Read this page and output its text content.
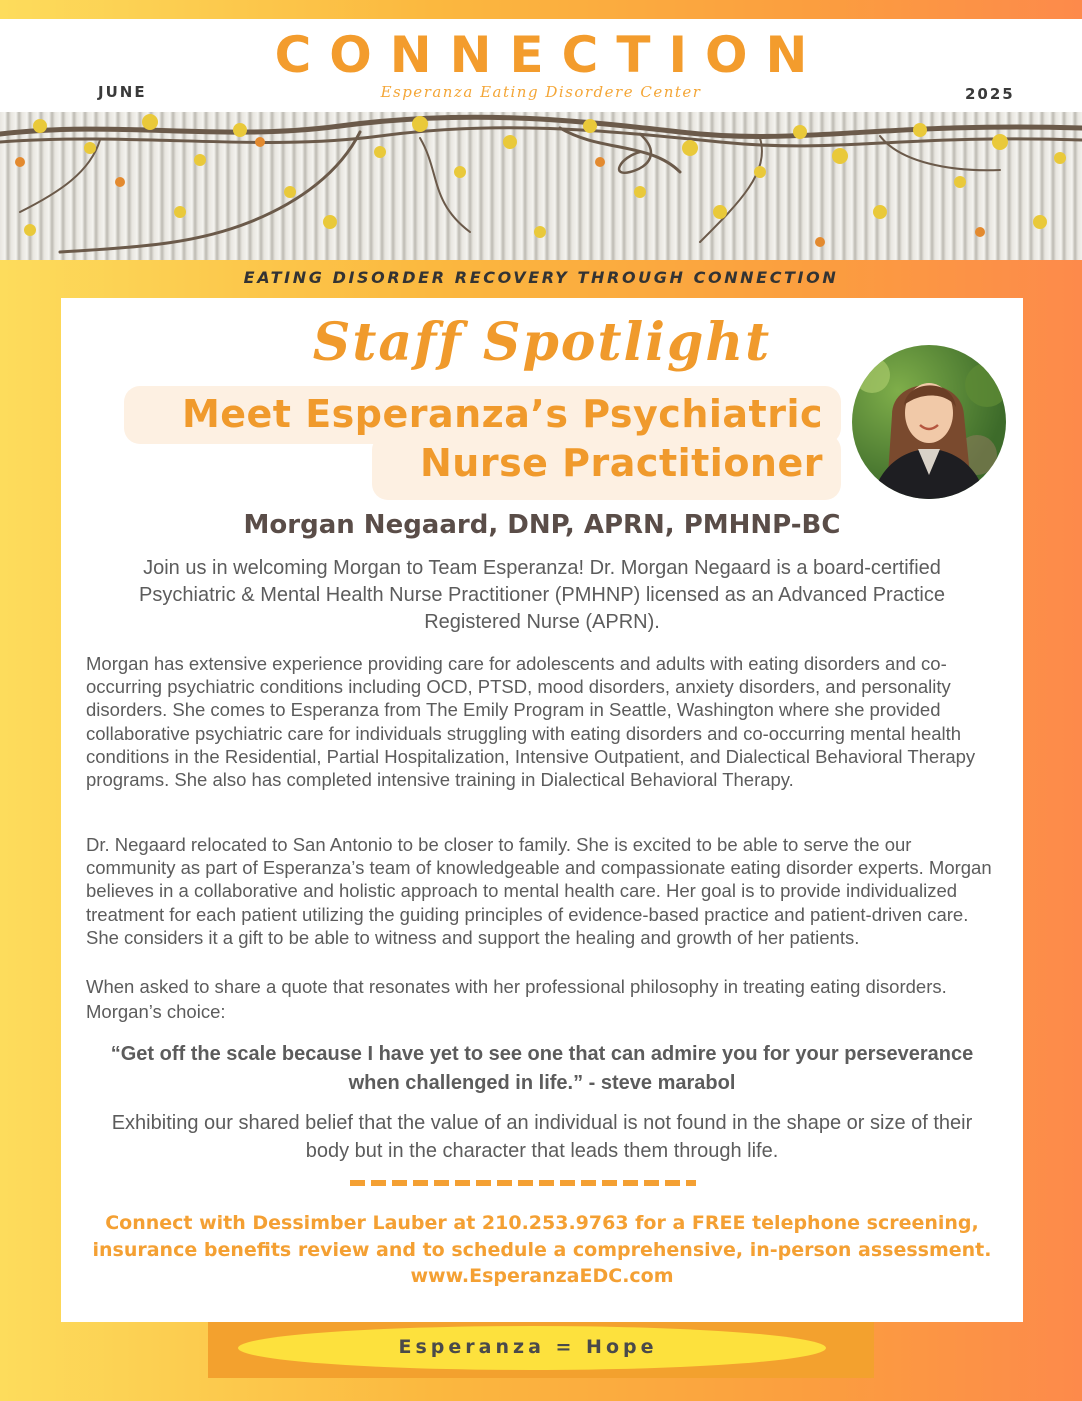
CONNECTION
Esperanza Eating Disordere Center
JUNE	2025
EATING DISORDER RECOVERY THROUGH CONNECTION
Staff Spotlight
Meet Esperanza’s Psychiatric
Nurse Practitioner
Morgan Negaard, DNP, APRN, PMHNP-BC
Join us in welcoming Morgan to Team Esperanza! Dr. Morgan Negaard is a board-certified Psychiatric & Mental Health Nurse Practitioner (PMHNP) licensed as an Advanced Practice Registered Nurse (APRN).
Morgan has extensive experience providing care for adolescents and adults with eating disorders and co-occurring psychiatric conditions including OCD, PTSD, mood disorders, anxiety disorders, and personality disorders. She comes to Esperanza from The Emily Program in Seattle, Washington where she provided collaborative psychiatric care for individuals struggling with eating disorders and co-occurring mental health conditions in the Residential, Partial Hospitalization, Intensive Outpatient, and Dialectical Behavioral Therapy programs. She also has completed intensive training in Dialectical Behavioral Therapy.
Dr. Negaard relocated to San Antonio to be closer to family. She is excited to be able to serve the our community as part of Esperanza’s team of knowledgeable and compassionate eating disorder experts. Morgan believes in a collaborative and holistic approach to mental health care. Her goal is to provide individualized treatment for each patient utilizing the guiding principles of evidence-based practice and patient-driven care. She considers it a gift to be able to witness and support the healing and growth of her patients.
When asked to share a quote that resonates with her professional philosophy in treating eating disorders. Morgan’s choice:
“Get off the scale because I have yet to see one that can admire you for your perseverance when challenged in life.” - steve marabol
Exhibiting our shared belief that the value of an individual is not found in the shape or size of their body but in the character that leads them through life.
Connect with Dessimber Lauber at 210.253.9763 for a FREE telephone screening,
insurance benefits review and to schedule a comprehensive, in-person assessment.
www.EsperanzaEDC.com
Esperanza = Hope
